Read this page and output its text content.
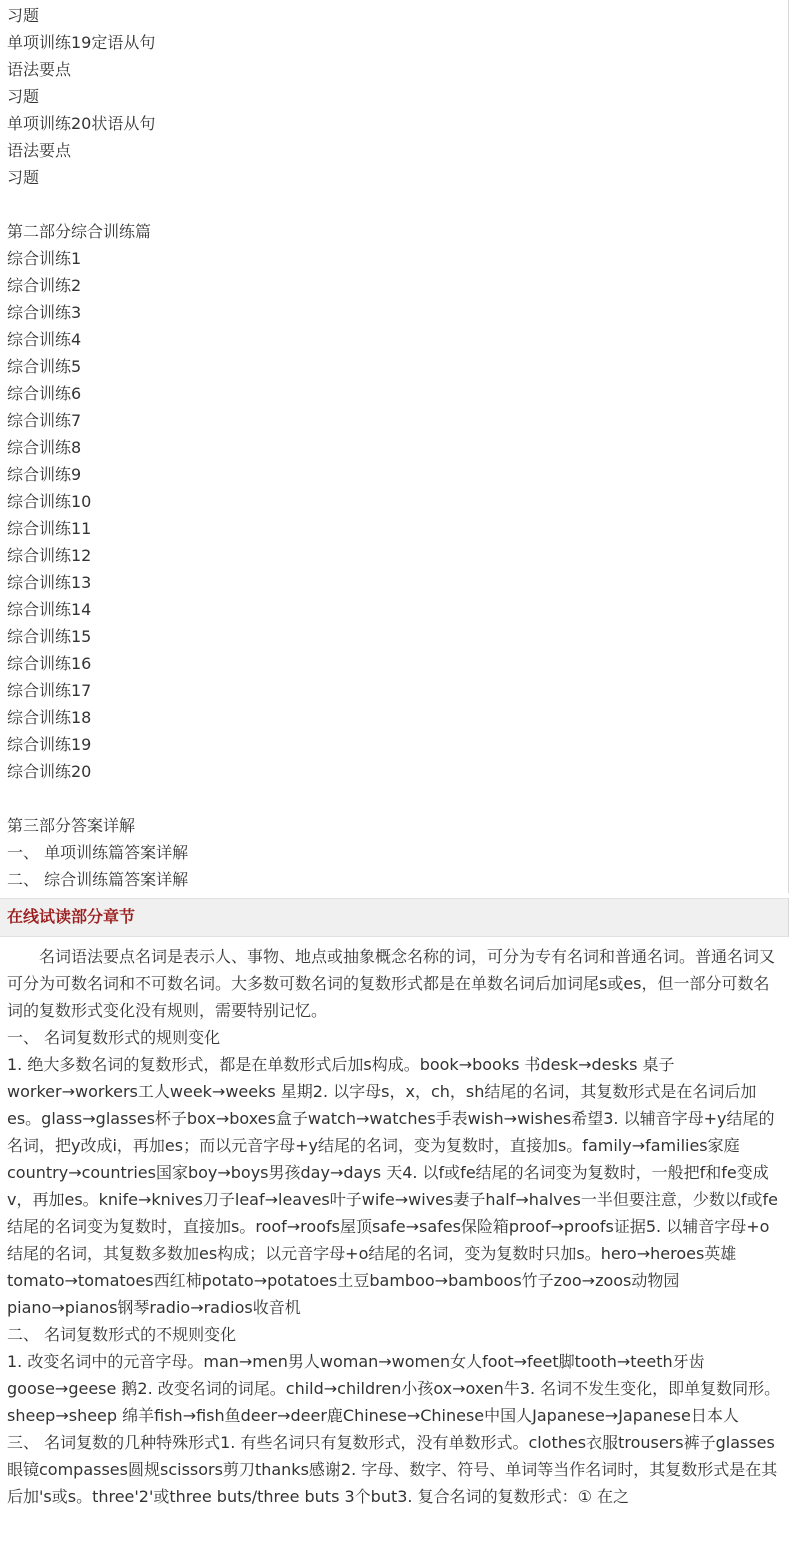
习题
单项训练19定语从句
语法要点
习题
单项训练20状语从句
语法要点
习题
第二部分综合训练篇
综合训练1
综合训练2
综合训练3
综合训练4
综合训练5
综合训练6
综合训练7
综合训练8
综合训练9
综合训练10
综合训练11
综合训练12
综合训练13
综合训练14
综合训练15
综合训练16
综合训练17
综合训练18
综合训练19
综合训练20
第三部分答案详解
一、 单项训练篇答案详解
二、 综合训练篇答案详解
在线试读部分章节

名词语法要点名词是表示人、事物、地点或抽象概念名称的词，可分为专有名词和普通名词。普通名词又可分为可数名词和不可数名词。大多数可数名词的复数形式都是在单数名词后加词尾s或es，但一部分可数名词的复数形式变化没有规则，需要特别记忆。

一、 名词复数形式的规则变化

1. 绝大多数名词的复数形式，都是在单数形式后加s构成。book→books 书desk→desks 桌子worker→workers工人week→weeks 星期2. 以字母s，x，ch，sh结尾的名词，其复数形式是在名词后加es。glass→glasses杯子box→boxes盒子watch→watches手表wish→wishes希望3. 以辅音字母+y结尾的名词，把y改成i，再加es；而以元音字母+y结尾的名词，变为复数时，直接加s。family→families家庭country→countries国家boy→boys男孩day→days 天4. 以f或fe结尾的名词变为复数时，一般把f和fe变成v，再加es。knife→knives刀子leaf→leaves叶子wife→wives妻子half→halves一半但要注意，少数以f或fe结尾的名词变为复数时，直接加s。roof→roofs屋顶safe→safes保险箱proof→proofs证据5. 以辅音字母+o结尾的名词，其复数多数加es构成；以元音字母+o结尾的名词，变为复数时只加s。hero→heroes英雄tomato→tomatoes西红柿potato→potatoes土豆bamboo→bamboos竹子zoo→zoos动物园piano→pianos钢琴radio→radios收音机

二、 名词复数形式的不规则变化

1. 改变名词中的元音字母。man→men男人woman→women女人foot→feet脚tooth→teeth牙齿goose→geese 鹅2. 改变名词的词尾。child→children小孩ox→oxen牛3. 名词不发生变化，即单复数同形。sheep→sheep 绵羊fish→fish鱼deer→deer鹿Chinese→Chinese中国人Japanese→Japanese日本人

三、 名词复数的几种特殊形式1. 有些名词只有复数形式，没有单数形式。clothes衣服trousers裤子glasses眼镜compasses圆规scissors剪刀thanks感谢2. 字母、数字、符号、单词等当作名词时，其复数形式是在其后加's或s。three'2'或three buts/three buts 3个but3. 复合名词的复数形式：① 在之
